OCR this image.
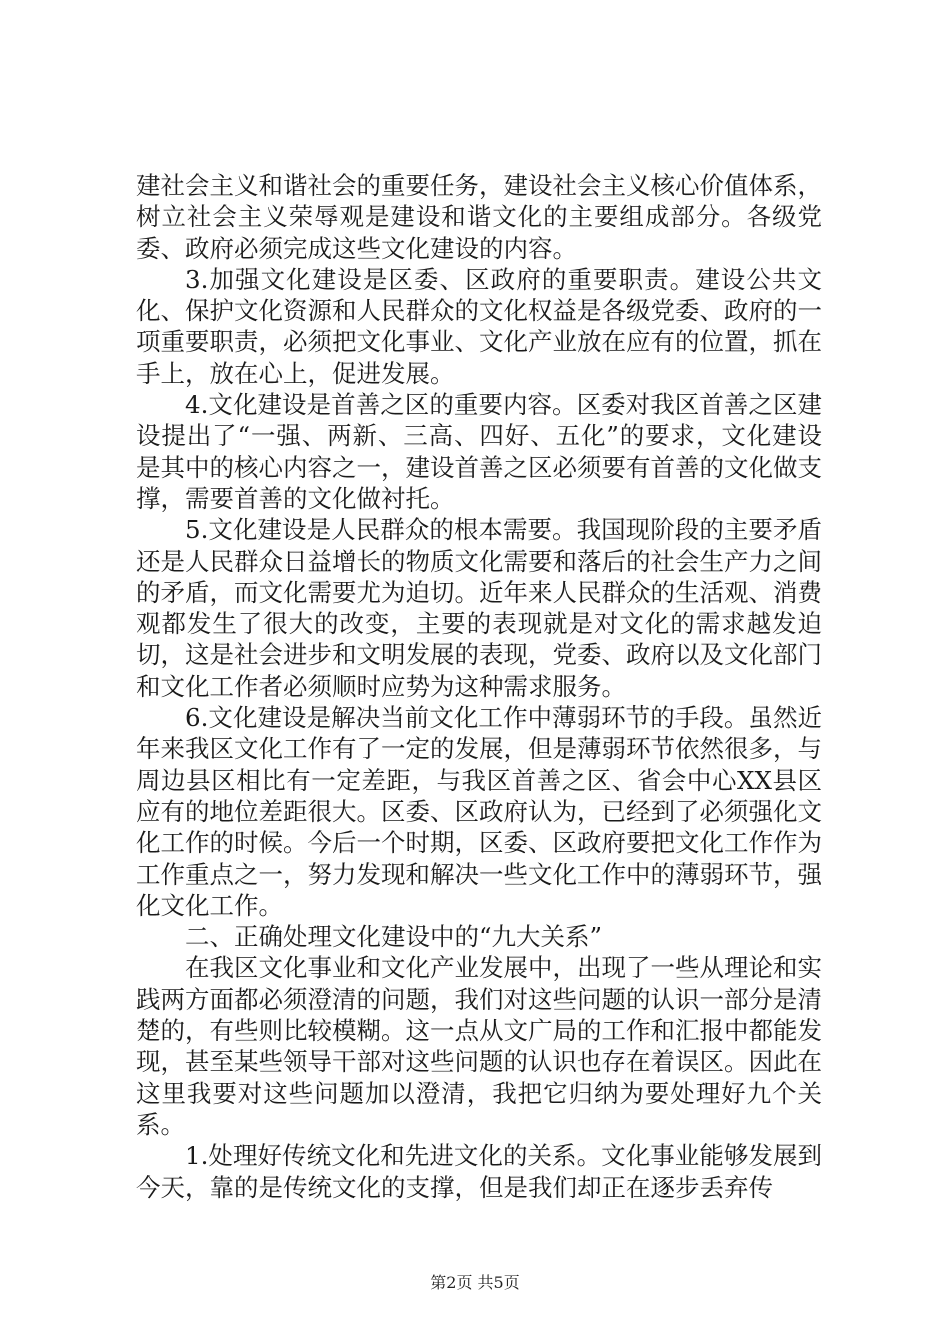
建社会主义和谐社会的重要任务，建设社会主义核心价值体系，树立社会主义荣辱观是建设和谐文化的主要组成部分。各级党委、政府必须完成这些文化建设的内容。

3.加强文化建设是区委、区政府的重要职责。建设公共文化、保护文化资源和人民群众的文化权益是各级党委、政府的一项重要职责，必须把文化事业、文化产业放在应有的位置，抓在手上，放在心上，促进发展。

4.文化建设是首善之区的重要内容。区委对我区首善之区建设提出了“一强、两新、三高、四好、五化”的要求，文化建设是其中的核心内容之一，建设首善之区必须要有首善的文化做支撑，需要首善的文化做衬托。

5.文化建设是人民群众的根本需要。我国现阶段的主要矛盾还是人民群众日益增长的物质文化需要和落后的社会生产力之间的矛盾，而文化需要尤为迫切。近年来人民群众的生活观、消费观都发生了很大的改变，主要的表现就是对文化的需求越发迫切，这是社会进步和文明发展的表现，党委、政府以及文化部门和文化工作者必须顺时应势为这种需求服务。

6.文化建设是解决当前文化工作中薄弱环节的手段。虽然近年来我区文化工作有了一定的发展，但是薄弱环节依然很多，与周边县区相比有一定差距，与我区首善之区、省会中心XX县区应有的地位差距很大。区委、区政府认为，已经到了必须强化文化工作的时候。今后一个时期，区委、区政府要把文化工作作为工作重点之一，努力发现和解决一些文化工作中的薄弱环节，强化文化工作。

二、正确处理文化建设中的“九大关系”

在我区文化事业和文化产业发展中，出现了一些从理论和实践两方面都必须澄清的问题，我们对这些问题的认识一部分是清楚的，有些则比较模糊。这一点从文广局的工作和汇报中都能发现，甚至某些领导干部对这些问题的认识也存在着误区。因此在这里我要对这些问题加以澄清，我把它归纳为要处理好九个关系。

1.处理好传统文化和先进文化的关系。文化事业能够发展到今天，靠的是传统文化的支撑，但是我们却正在逐步丢弃传

第2页 共5页
